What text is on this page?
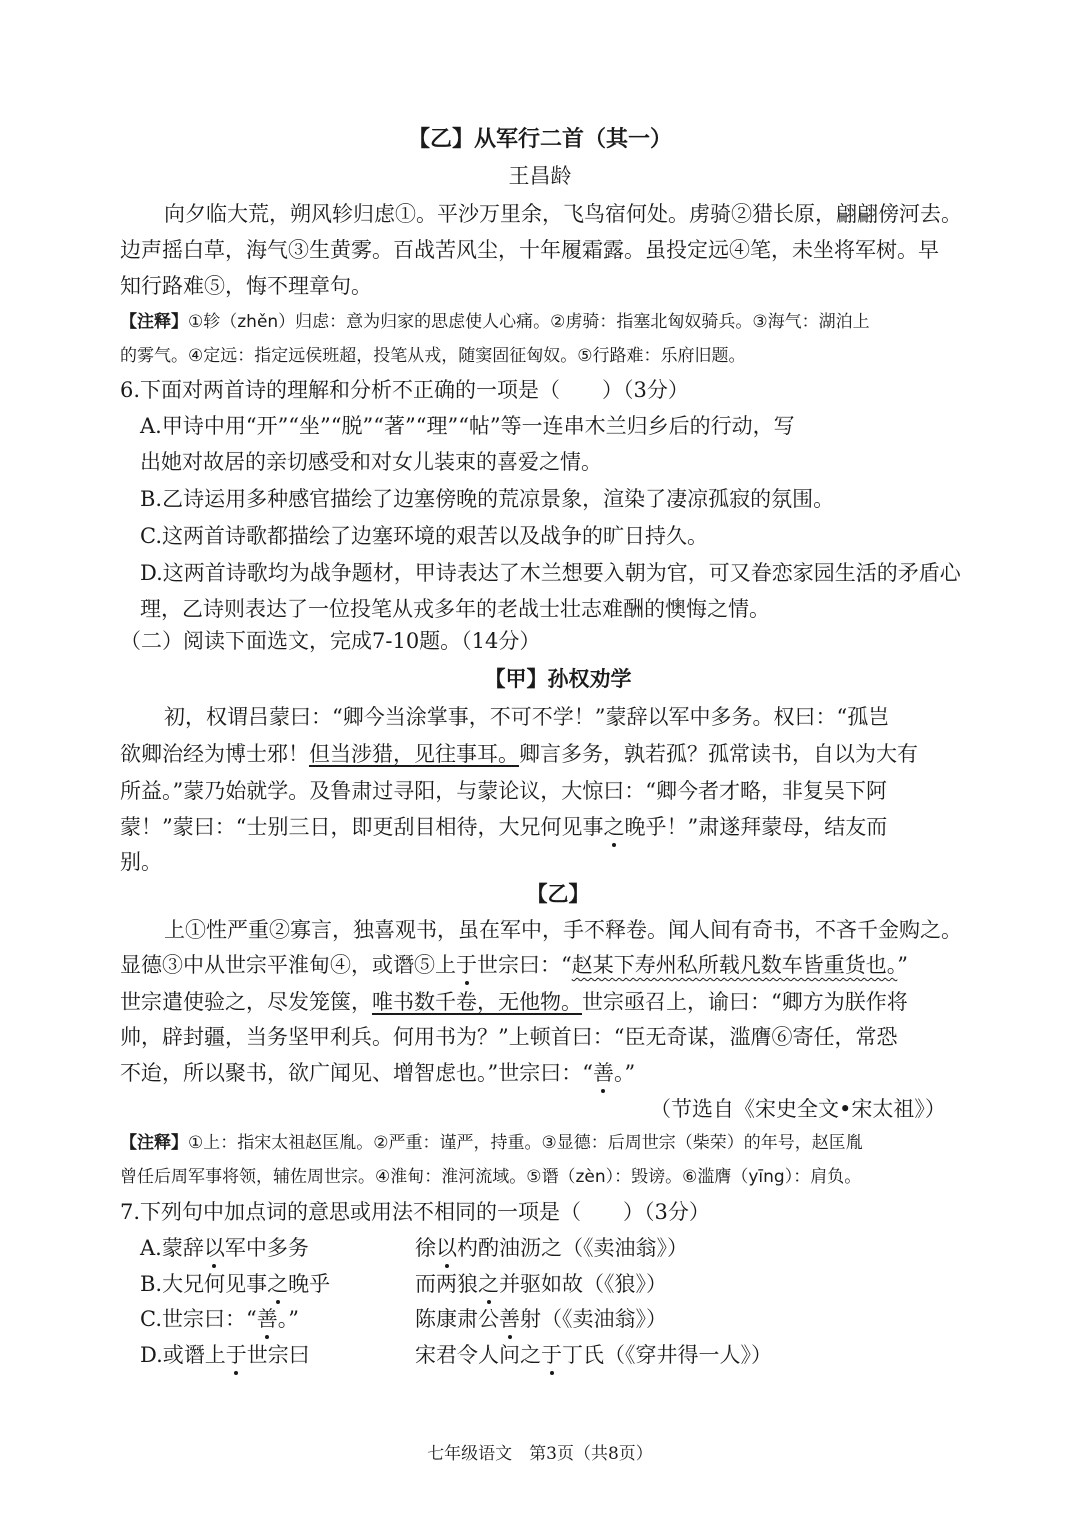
【乙】从军行二首（其一）
王昌龄
向夕临大荒，朔风轸归虑①。平沙万里余，飞鸟宿何处。虏骑②猎长原，翩翩傍河去。
边声摇白草，海气③生黄雾。百战苦风尘，十年履霜露。虽投定远④笔，未坐将军树。早
知行路难⑤，悔不理章句。
【注释】①轸（zhěn）归虑：意为归家的思虑使人心痛。②虏骑：指塞北匈奴骑兵。③海气：湖泊上
的雾气。④定远：指定远侯班超，投笔从戎，随窦固征匈奴。⑤行路难：乐府旧题。
6.下面对两首诗的理解和分析不正确的一项是（　　）（3分）
A.甲诗中用“开”“坐”“脱”“著”“理”“帖”等一连串木兰归乡后的行动，写
出她对故居的亲切感受和对女儿装束的喜爱之情。
B.乙诗运用多种感官描绘了边塞傍晚的荒凉景象，渲染了凄凉孤寂的氛围。
C.这两首诗歌都描绘了边塞环境的艰苦以及战争的旷日持久。
D.这两首诗歌均为战争题材，甲诗表达了木兰想要入朝为官，可又眷恋家园生活的矛盾心
理，乙诗则表达了一位投笔从戎多年的老战士壮志难酬的懊悔之情。
（二）阅读下面选文，完成7-10题。（14分）
【甲】孙权劝学
初，权谓吕蒙曰：“卿今当涂掌事，不可不学！”蒙辞以军中多务。权曰：“孤岂
欲卿治经为博士邪！但当涉猎，见往事耳。卿言多务，孰若孤？孤常读书，自以为大有
所益。”蒙乃始就学。及鲁肃过寻阳，与蒙论议，大惊曰：“卿今者才略，非复吴下阿
蒙！”蒙曰：“士别三日，即更刮目相待，大兄何见事之晚乎！”肃遂拜蒙母，结友而
别。
【乙】
上①性严重②寡言，独喜观书，虽在军中，手不释卷。闻人间有奇书，不吝千金购之。
显德③中从世宗平淮甸④，或谮⑤上于世宗曰：“赵某下寿州私所载凡数车皆重货也。”
世宗遣使验之，尽发笼箧，唯书数千卷，无他物。世宗亟召上，谕曰：“卿方为朕作将
帅，辟封疆，当务坚甲利兵。何用书为？”上顿首曰：“臣无奇谋，滥膺⑥寄任，常恐
不迨，所以聚书，欲广闻见、增智虑也。”世宗曰：“善。”
（节选自《宋史全文•宋太祖》）
【注释】①上：指宋太祖赵匡胤。②严重：谨严，持重。③显德：后周世宗（柴荣）的年号，赵匡胤
曾任后周军事将领，辅佐周世宗。④淮甸：淮河流域。⑤谮（zèn）：毁谤。⑥滥膺（yīng）：肩负。
7.下列句中加点词的意思或用法不相同的一项是（　　）（3分）
A.蒙辞以军中多务	徐以杓酌油沥之（《卖油翁》）
B.大兄何见事之晚乎	而两狼之并驱如故（《狼》）
C.世宗曰：“善。”	陈康肃公善射（《卖油翁》）
D.或谮上于世宗曰	宋君令人问之于丁氏（《穿井得一人》）
七年级语文　第3页（共8页）
